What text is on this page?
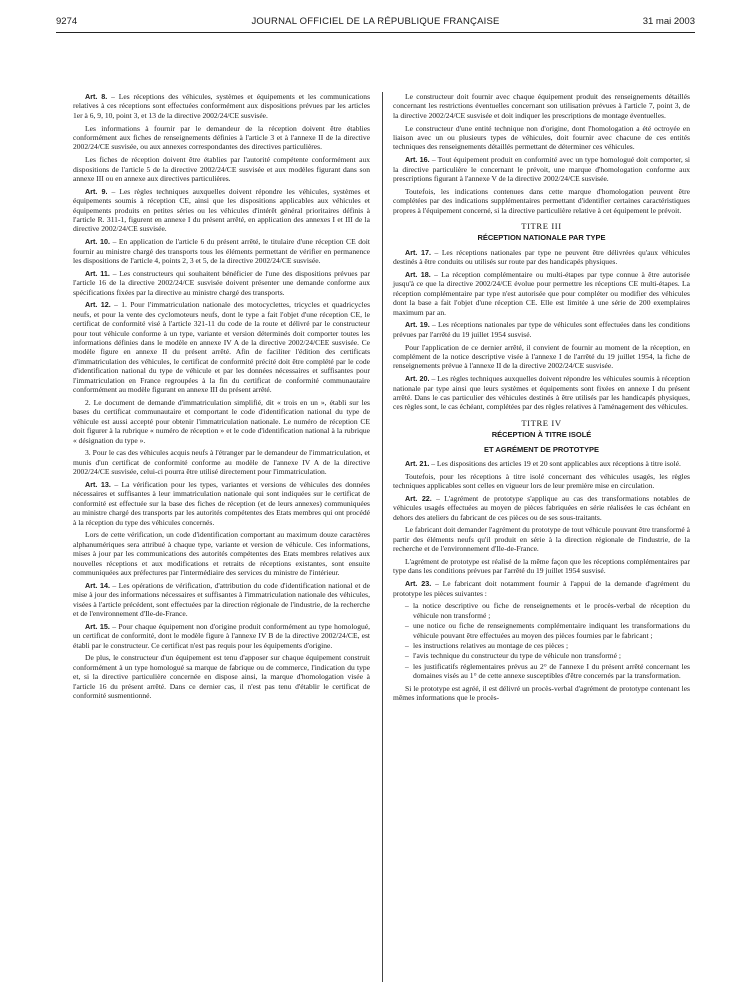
9274	JOURNAL OFFICIEL DE LA RÉPUBLIQUE FRANÇAISE	31 mai 2003

Art. 8. – Les réceptions des véhicules, systèmes et équipements et les communications relatives à ces réceptions sont effectuées conformément aux dispositions prévues par les articles 1er à 6, 9, 10, point 3, et 13 de la directive 2002/24/CE susvisée.

Les informations à fournir par le demandeur de la réception doivent être établies conformément aux fiches de renseignements définies à l'article 3 et à l'annexe II de la directive 2002/24/CE susvisée, ou aux annexes correspondantes des directives particulières.

Les fiches de réception doivent être établies par l'autorité compétente conformément aux dispositions de l'article 5 de la directive 2002/24/CE susvisée et aux modèles figurant dans son annexe III ou en annexe aux directives particulières.

Art. 9. – Les règles techniques auxquelles doivent répondre les véhicules, systèmes et équipements soumis à réception CE, ainsi que les dispositions applicables aux véhicules et équipements produits en petites séries ou les véhicules d'intérêt général prioritaires définis à l'article R. 311-1, figurent en annexe I du présent arrêté, en application des annexes I et III de la directive 2002/24/CE susvisée.

Art. 10. – En application de l'article 6 du présent arrêté, le titulaire d'une réception CE doit fournir au ministre chargé des transports tous les éléments permettant de vérifier en permanence les dispositions de l'article 4, points 2, 3 et 5, de la directive 2002/24/CE susvisée.

Art. 11. – Les constructeurs qui souhaitent bénéficier de l'une des dispositions prévues par l'article 16 de la directive 2002/24/CE susvisée doivent présenter une demande conforme aux spécifications fixées par la directive au ministre chargé des transports.

Art. 12. – 1. Pour l'immatriculation nationale des motocyclettes, tricycles et quadricycles neufs, et pour la vente des cyclomoteurs neufs, dont le type a fait l'objet d'une réception CE, le certificat de conformité visé à l'article 321-11 du code de la route et délivré par le constructeur pour tout véhicule conforme à un type, variante et version déterminés doit comporter toutes les informations définies dans le modèle en annexe IV A de la directive 2002/24/CEE susvisée. Ce modèle figure en annexe II du présent arrêté. Afin de faciliter l'édition des certificats d'immatriculation des véhicules, le certificat de conformité précité doit être complété par le code d'identification national du type de véhicule et par les données nécessaires et suffisantes pour l'immatriculation en France regroupées à la fin du certificat de conformité communautaire conformément au modèle figurant en annexe III du présent arrêté.

2. Le document de demande d'immatriculation simplifié, dit « trois en un », établi sur les bases du certificat communautaire et comportant le code d'identification national du type de véhicule est aussi accepté pour obtenir l'immatriculation nationale. Le numéro de réception CE doit figurer à la rubrique « numéro de réception » et le code d'identification national à la rubrique « désignation du type ».

3. Pour le cas des véhicules acquis neufs à l'étranger par le demandeur de l'immatriculation, et munis d'un certificat de conformité conforme au modèle de l'annexe IV A de la directive 2002/24/CE susvisée, celui-ci pourra être utilisé directement pour l'immatriculation.

Art. 13. – La vérification pour les types, variantes et versions de véhicules des données nécessaires et suffisantes à leur immatriculation nationale qui sont indiquées sur le certificat de conformité est effectuée sur la base des fiches de réception (et de leurs annexes) communiquées au ministre chargé des transports par les autorités compétentes des Etats membres qui ont procédé à la réception du type des véhicules concernés.

Lors de cette vérification, un code d'identification comportant au maximum douze caractères alphanumériques sera attribué à chaque type, variante et version de véhicule. Ces informations, mises à jour par les communications des autorités compétentes des Etats membres relatives aux nouvelles réceptions et aux modifications et retraits de réceptions existantes, sont ensuite communiquées aux préfectures par l'intermédiaire des services du ministre de l'intérieur.

Art. 14. – Les opérations de vérification, d'attribution du code d'identification national et de mise à jour des informations nécessaires et suffisantes à l'immatriculation nationale des véhicules, visées à l'article précédent, sont effectuées par la direction régionale de l'industrie, de la recherche et de l'environnement d'Ile-de-France.

Art. 15. – Pour chaque équipement non d'origine produit conformément au type homologué, un certificat de conformité, dont le modèle figure à l'annexe IV B de la directive 2002/24/CE, est établi par le constructeur. Ce certificat n'est pas requis pour les équipements d'origine.

De plus, le constructeur d'un équipement est tenu d'apposer sur chaque équipement construit conformément à un type homologué sa marque de fabrique ou de commerce, l'indication du type et, si la directive particulière concernée en dispose ainsi, la marque d'homologation visée à l'article 16 du présent arrêté. Dans ce dernier cas, il n'est pas tenu d'établir le certificat de conformité susmentionné.

Le constructeur doit fournir avec chaque équipement produit des renseignements détaillés concernant les restrictions éventuelles concernant son utilisation prévues à l'article 7, point 3, de la directive 2002/24/CE susvisée et doit indiquer les prescriptions de montage éventuelles.

Le constructeur d'une entité technique non d'origine, dont l'homologation a été octroyée en liaison avec un ou plusieurs types de véhicules, doit fournir avec chacune de ces entités techniques des renseignements détaillés permettant de déterminer ces véhicules.

Art. 16. – Tout équipement produit en conformité avec un type homologué doit comporter, si la directive particulière le concernant le prévoit, une marque d'homologation conforme aux prescriptions figurant à l'annexe V de la directive 2002/24/CE susvisée.

Toutefois, les indications contenues dans cette marque d'homologation peuvent être complétées par des indications supplémentaires permettant d'identifier certaines caractéristiques propres à l'équipement concerné, si la directive particulière relative à cet équipement le prévoit.

TITRE III
RÉCEPTION NATIONALE PAR TYPE

Art. 17. – Les réceptions nationales par type ne peuvent être délivrées qu'aux véhicules destinés à être conduits ou utilisés sur route par des handicapés physiques.

Art. 18. – La réception complémentaire ou multi-étapes par type connue à être autorisée jusqu'à ce que la directive 2002/24/CE évolue pour permettre les réceptions CE multi-étapes. La réception complémentaire par type n'est autorisée que pour compléter ou modifier des véhicules dont la base a fait l'objet d'une réception CE. Elle est limitée à une série de 200 exemplaires maximum par an.

Art. 19. – Les réceptions nationales par type de véhicules sont effectuées dans les conditions prévues par l'arrêté du 19 juillet 1954 susvisé.

Pour l'application de ce dernier arrêté, il convient de fournir au moment de la réception, en complément de la notice descriptive visée à l'annexe I de l'arrêté du 19 juillet 1954, la fiche de renseignements prévue à l'annexe II de la directive 2002/24/CE susvisée.

Art. 20. – Les règles techniques auxquelles doivent répondre les véhicules soumis à réception nationale par type ainsi que leurs systèmes et équipements sont fixées en annexe I du présent arrêté. Dans le cas particulier des véhicules destinés à être utilisés par les handicapés physiques, ces règles sont, le cas échéant, complétées par des règles relatives à l'aménagement des véhicules.

TITRE IV
RÉCEPTION À TITRE ISOLÉ
ET AGRÉMENT DE PROTOTYPE

Art. 21. – Les dispositions des articles 19 et 20 sont applicables aux réceptions à titre isolé.

Toutefois, pour les réceptions à titre isolé concernant des véhicules usagés, les règles techniques applicables sont celles en vigueur lors de leur première mise en circulation.

Art. 22. – L'agrément de prototype s'applique au cas des transformations notables de véhicules usagés effectuées au moyen de pièces fabriquées en série réalisées le cas échéant en dehors des ateliers du fabricant de ces pièces ou de ses sous-traitants.

Le fabricant doit demander l'agrément du prototype de tout véhicule pouvant être transformé à partir des éléments neufs qu'il produit en série à la direction régionale de l'industrie, de la recherche et de l'environnement d'Ile-de-France.

L'agrément de prototype est réalisé de la même façon que les réceptions complémentaires par type dans les conditions prévues par l'arrêté du 19 juillet 1954 susvisé.

Art. 23. – Le fabricant doit notamment fournir à l'appui de la demande d'agrément du prototype les pièces suivantes :

– la notice descriptive ou fiche de renseignements et le procès-verbal de réception du véhicule non transformé ;
– une notice ou fiche de renseignements complémentaire indiquant les transformations du véhicule pouvant être effectuées au moyen des pièces fournies par le fabricant ;
– les instructions relatives au montage de ces pièces ;
– l'avis technique du constructeur du type de véhicule non transformé ;
– les justificatifs réglementaires prévus au 2° de l'annexe I du présent arrêté concernant les domaines visés au 1° de cette annexe susceptibles d'être concernés par la transformation.

Si le prototype est agréé, il est délivré un procès-verbal d'agrément de prototype contenant les mêmes informations que le procès-
